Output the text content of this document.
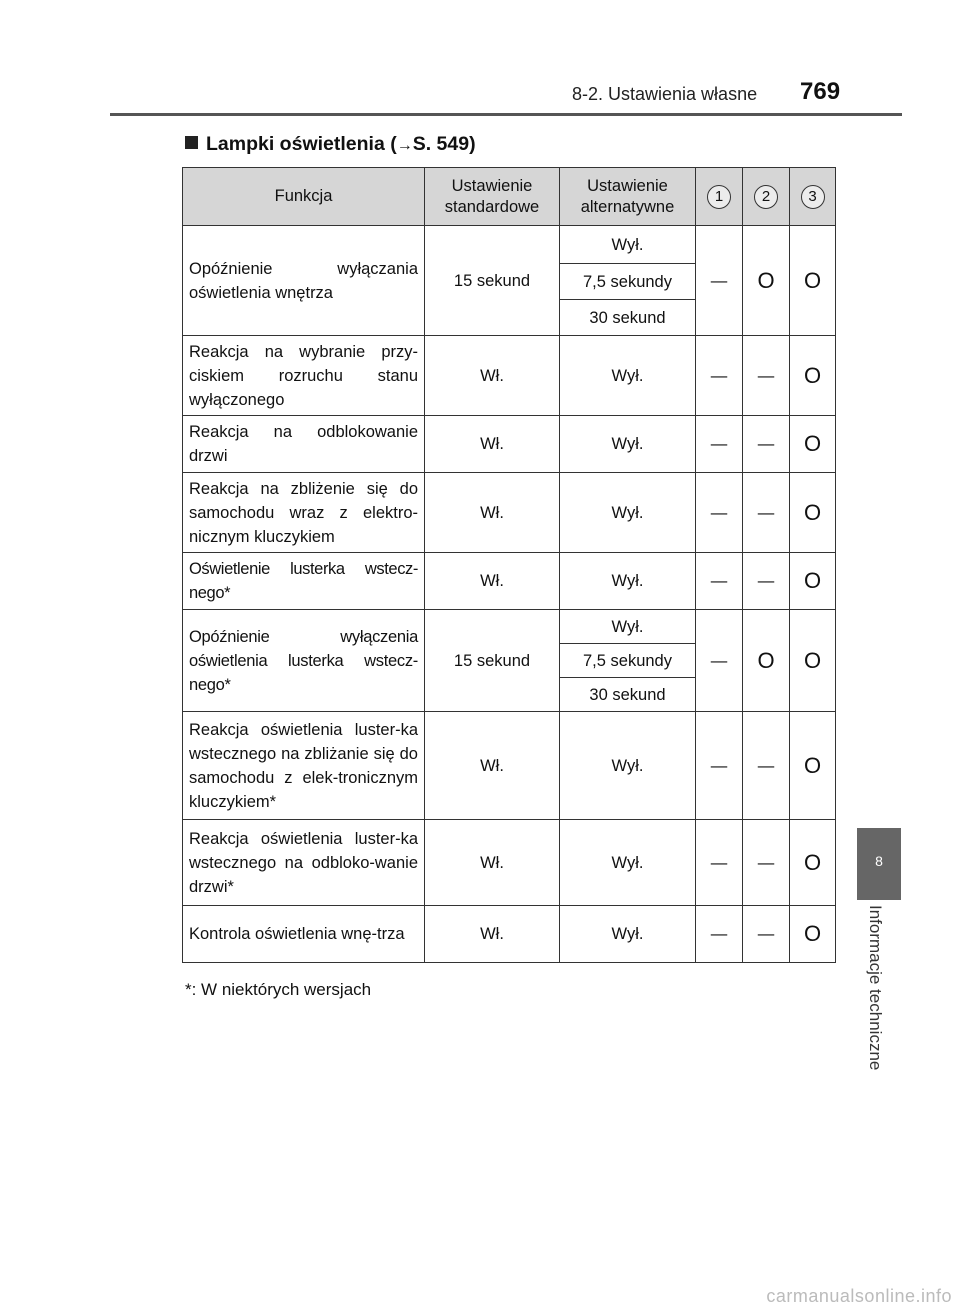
8-2. Ustawienia własne 769
Lampki oświetlenia (→S. 549)
Funkcja	Ustawienie standardowe	Ustawienie alternatywne	1	2	3
Opóźnienie wyłączania oświetlenia wnętrza	15 sekund	Wył.	—	O	O
		7,5 sekundy			
		30 sekund			
Reakcja na wybranie przy-ciskiem rozruchu stanu wyłączonego	Wł.	Wył.	—	—	O
Reakcja na odblokowanie drzwi	Wł.	Wył.	—	—	O
Reakcja na zbliżenie się do samochodu wraz z elektro-nicznym kluczykiem	Wł.	Wył.	—	—	O
Oświetlenie lusterka wstecz-nego*	Wł.	Wył.	—	—	O
Opóźnienie wyłączenia oświetlenia lusterka wstecz-nego*	15 sekund	Wył.	—	O	O
		7,5 sekundy			
		30 sekund			
Reakcja oświetlenia luster-ka wstecznego na zbliżanie się do samochodu z elek-tronicznym kluczykiem*	Wł.	Wył.	—	—	O
Reakcja oświetlenia luster-ka wstecznego na odbloko-wanie drzwi*	Wł.	Wył.	—	—	O
Kontrola oświetlenia wnę-trza	Wł.	Wył.	—	—	O
*: W niektórych wersjach
8
Informacje techniczne
carmanualsonline.info
